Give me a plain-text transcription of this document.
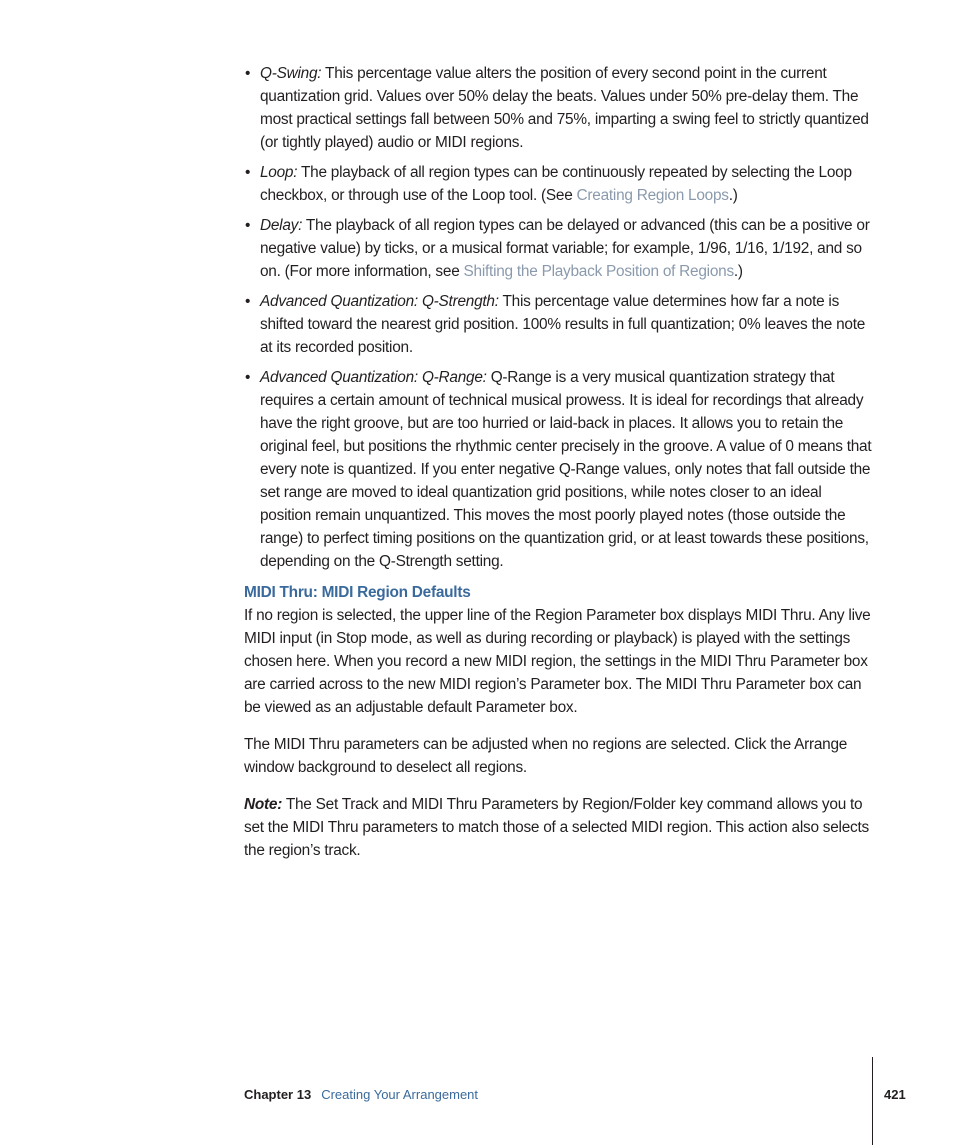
• Q-Swing: This percentage value alters the position of every second point in the current quantization grid. Values over 50% delay the beats. Values under 50% pre-delay them. The most practical settings fall between 50% and 75%, imparting a swing feel to strictly quantized (or tightly played) audio or MIDI regions.
• Loop: The playback of all region types can be continuously repeated by selecting the Loop checkbox, or through use of the Loop tool. (See Creating Region Loops.)
• Delay: The playback of all region types can be delayed or advanced (this can be a positive or negative value) by ticks, or a musical format variable; for example, 1/96, 1/16, 1/192, and so on. (For more information, see Shifting the Playback Position of Regions.)
• Advanced Quantization: Q-Strength: This percentage value determines how far a note is shifted toward the nearest grid position. 100% results in full quantization; 0% leaves the note at its recorded position.
• Advanced Quantization: Q-Range: Q-Range is a very musical quantization strategy that requires a certain amount of technical musical prowess. It is ideal for recordings that already have the right groove, but are too hurried or laid-back in places. It allows you to retain the original feel, but positions the rhythmic center precisely in the groove. A value of 0 means that every note is quantized. If you enter negative Q-Range values, only notes that fall outside the set range are moved to ideal quantization grid positions, while notes closer to an ideal position remain unquantized. This moves the most poorly played notes (those outside the range) to perfect timing positions on the quantization grid, or at least towards these positions, depending on the Q-Strength setting.
MIDI Thru: MIDI Region Defaults

If no region is selected, the upper line of the Region Parameter box displays MIDI Thru. Any live MIDI input (in Stop mode, as well as during recording or playback) is played with the settings chosen here. When you record a new MIDI region, the settings in the MIDI Thru Parameter box are carried across to the new MIDI region’s Parameter box. The MIDI Thru Parameter box can be viewed as an adjustable default Parameter box.

The MIDI Thru parameters can be adjusted when no regions are selected. Click the Arrange window background to deselect all regions.

Note: The Set Track and MIDI Thru Parameters by Region/Folder key command allows you to set the MIDI Thru parameters to match those of a selected MIDI region. This action also selects the region’s track.

Chapter 13 Creating Your Arrangement	421
